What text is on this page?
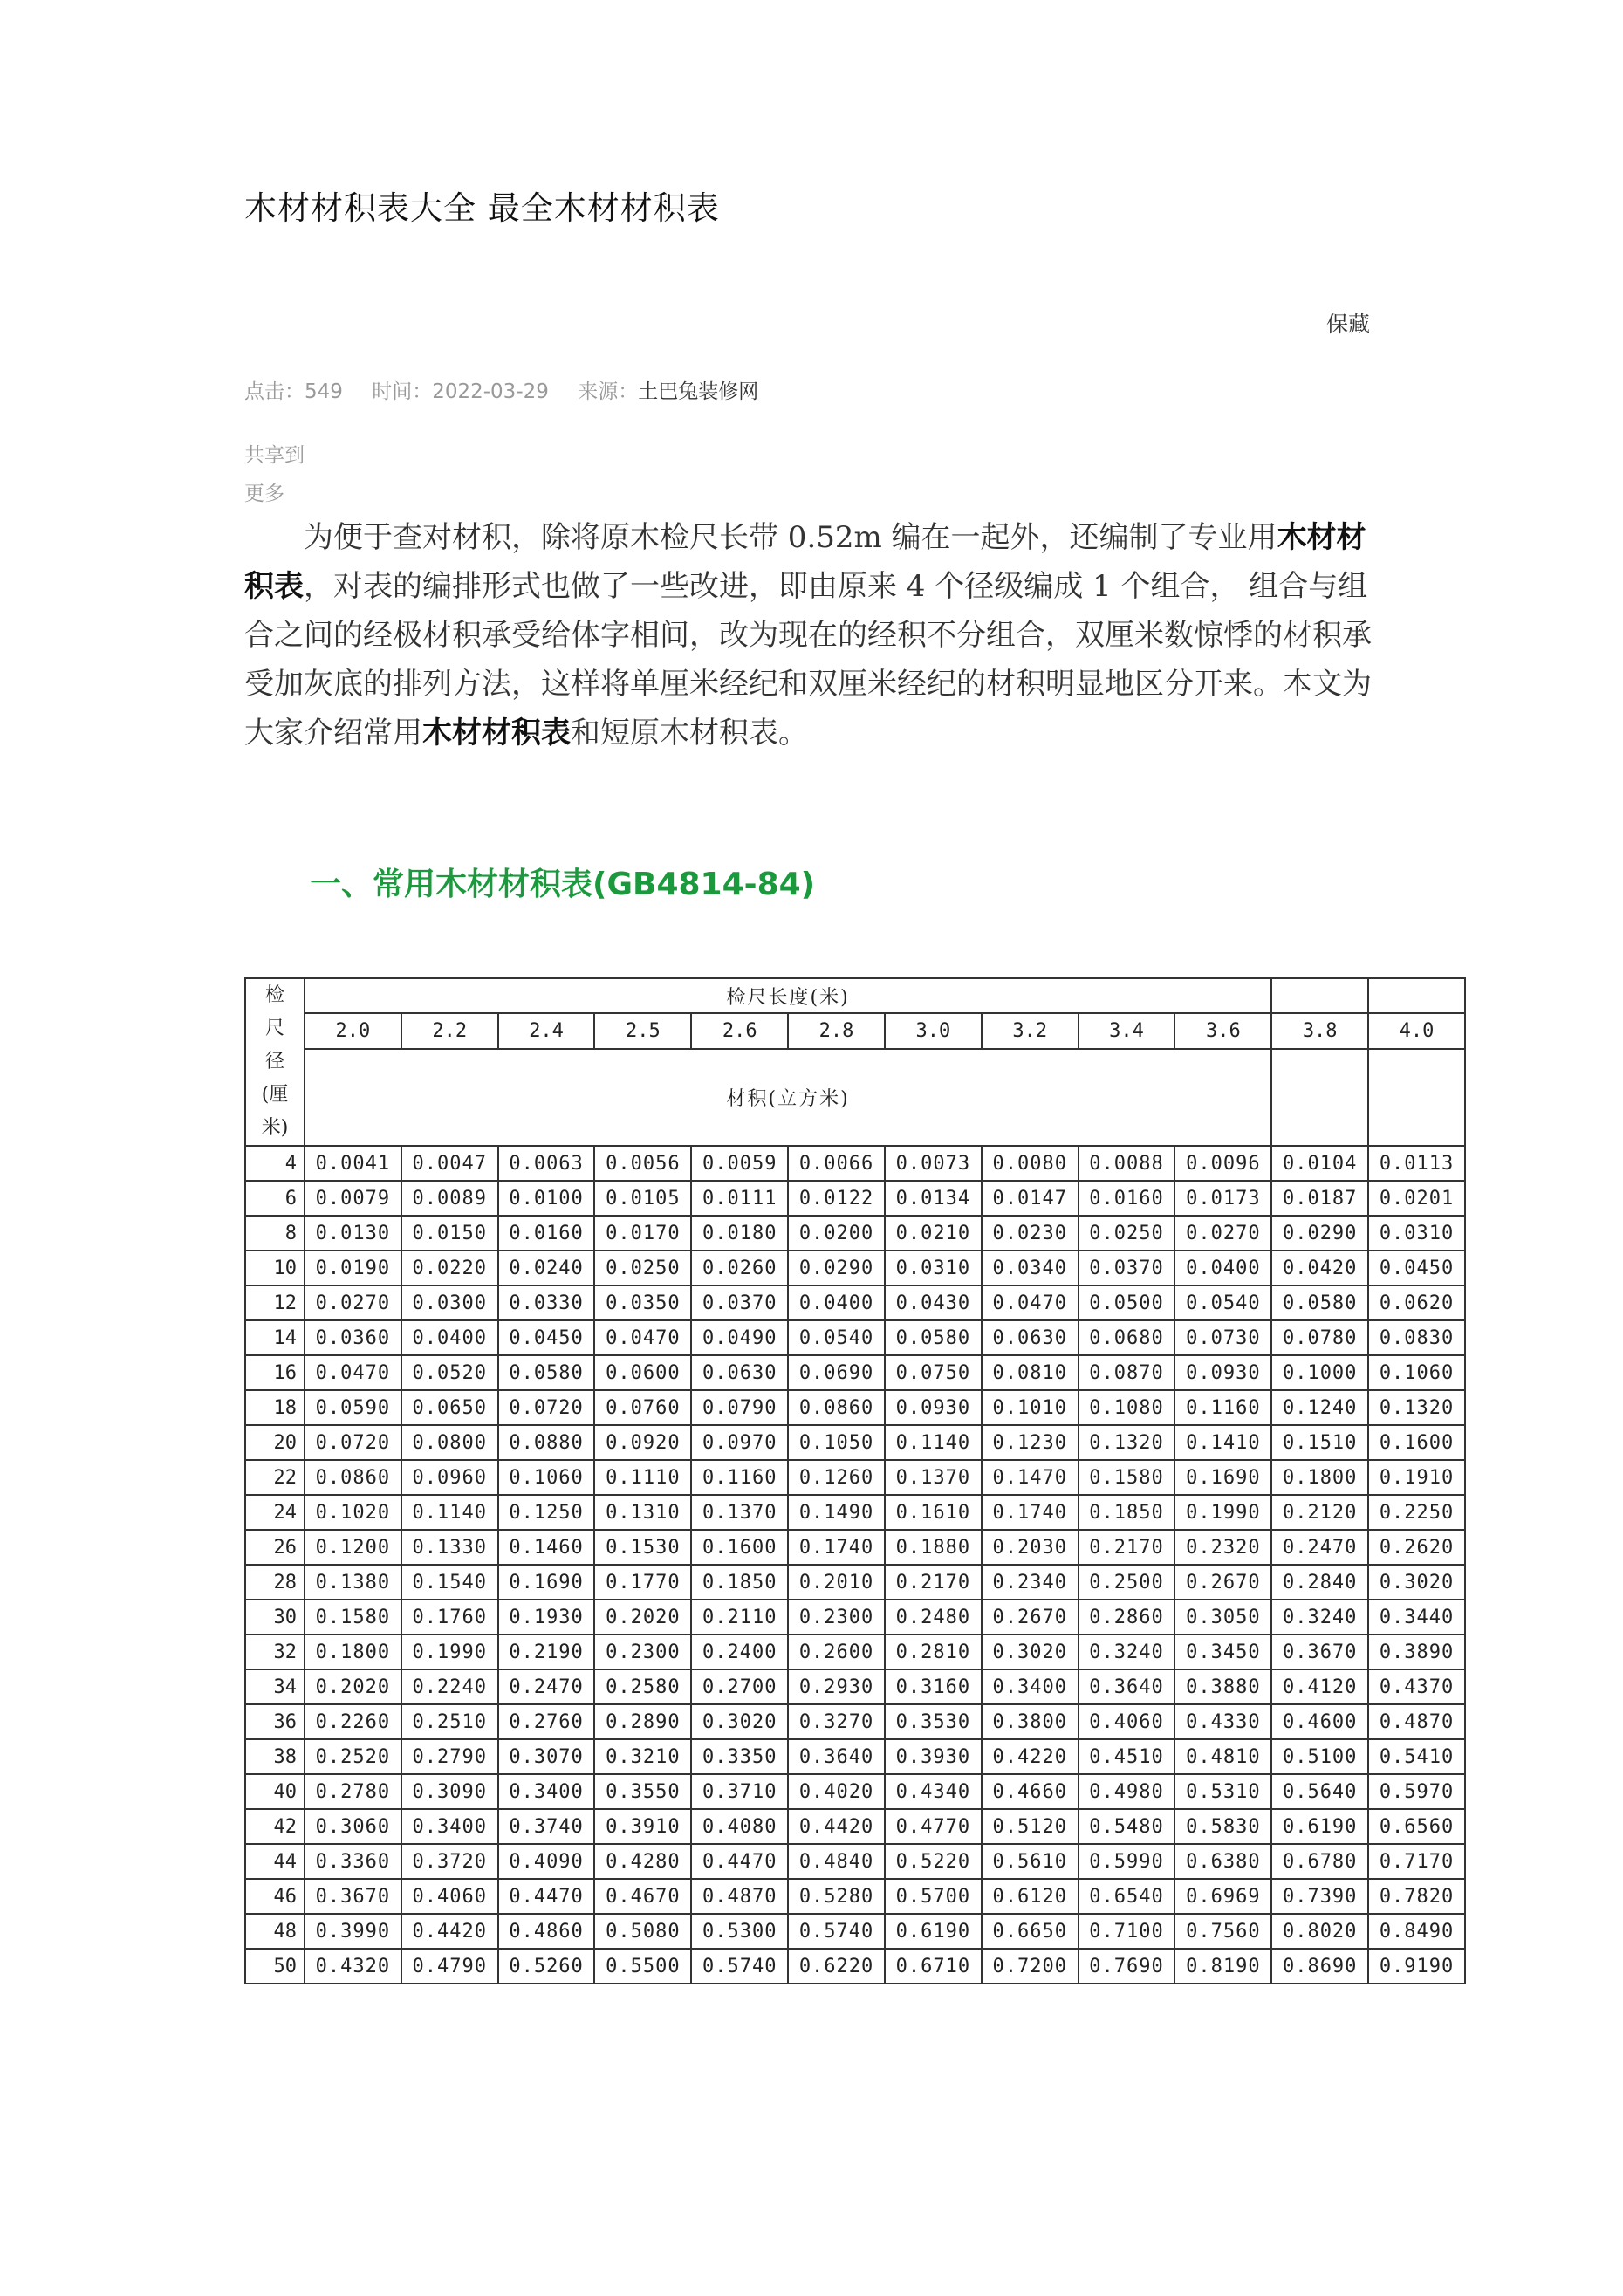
木材材积表大全 最全木材材积表
保藏
点击：549 时间：2022-03-29 来源：土巴兔装修网
共享到
更多

为便于查对材积，除将原木检尺长带 0.52m 编在一起外，还编制了专业用木材材积表，对表的编排形式也做了一些改进，即由原来 4 个径级编成 1 个组合， 组合与组合之间的经极材积承受给体字相间，改为现在的经积不分组合，双厘米数惊悸的材积承受加灰底的排列方法，这样将单厘米经纪和双厘米经纪的材积明显地区分开来。本文为大家介绍常用木材材积表和短原木材积表。

一、常用木材材积表(GB4814-84)
检
尺
径
(厘
米)	检尺长度(米)											
	2.0	2.2	2.4	2.5	2.6	2.8	3.0	3.2	3.4	3.6	3.8	4.0
	材积(立方米)											
4	0.0041	0.0047	0.0063	0.0056	0.0059	0.0066	0.0073	0.0080	0.0088	0.0096	0.0104	0.0113
6	0.0079	0.0089	0.0100	0.0105	0.0111	0.0122	0.0134	0.0147	0.0160	0.0173	0.0187	0.0201
8	0.0130	0.0150	0.0160	0.0170	0.0180	0.0200	0.0210	0.0230	0.0250	0.0270	0.0290	0.0310
10	0.0190	0.0220	0.0240	0.0250	0.0260	0.0290	0.0310	0.0340	0.0370	0.0400	0.0420	0.0450
12	0.0270	0.0300	0.0330	0.0350	0.0370	0.0400	0.0430	0.0470	0.0500	0.0540	0.0580	0.0620
14	0.0360	0.0400	0.0450	0.0470	0.0490	0.0540	0.0580	0.0630	0.0680	0.0730	0.0780	0.0830
16	0.0470	0.0520	0.0580	0.0600	0.0630	0.0690	0.0750	0.0810	0.0870	0.0930	0.1000	0.1060
18	0.0590	0.0650	0.0720	0.0760	0.0790	0.0860	0.0930	0.1010	0.1080	0.1160	0.1240	0.1320
20	0.0720	0.0800	0.0880	0.0920	0.0970	0.1050	0.1140	0.1230	0.1320	0.1410	0.1510	0.1600
22	0.0860	0.0960	0.1060	0.1110	0.1160	0.1260	0.1370	0.1470	0.1580	0.1690	0.1800	0.1910
24	0.1020	0.1140	0.1250	0.1310	0.1370	0.1490	0.1610	0.1740	0.1850	0.1990	0.2120	0.2250
26	0.1200	0.1330	0.1460	0.1530	0.1600	0.1740	0.1880	0.2030	0.2170	0.2320	0.2470	0.2620
28	0.1380	0.1540	0.1690	0.1770	0.1850	0.2010	0.2170	0.2340	0.2500	0.2670	0.2840	0.3020
30	0.1580	0.1760	0.1930	0.2020	0.2110	0.2300	0.2480	0.2670	0.2860	0.3050	0.3240	0.3440
32	0.1800	0.1990	0.2190	0.2300	0.2400	0.2600	0.2810	0.3020	0.3240	0.3450	0.3670	0.3890
34	0.2020	0.2240	0.2470	0.2580	0.2700	0.2930	0.3160	0.3400	0.3640	0.3880	0.4120	0.4370
36	0.2260	0.2510	0.2760	0.2890	0.3020	0.3270	0.3530	0.3800	0.4060	0.4330	0.4600	0.4870
38	0.2520	0.2790	0.3070	0.3210	0.3350	0.3640	0.3930	0.4220	0.4510	0.4810	0.5100	0.5410
40	0.2780	0.3090	0.3400	0.3550	0.3710	0.4020	0.4340	0.4660	0.4980	0.5310	0.5640	0.5970
42	0.3060	0.3400	0.3740	0.3910	0.4080	0.4420	0.4770	0.5120	0.5480	0.5830	0.6190	0.6560
44	0.3360	0.3720	0.4090	0.4280	0.4470	0.4840	0.5220	0.5610	0.5990	0.6380	0.6780	0.7170
46	0.3670	0.4060	0.4470	0.4670	0.4870	0.5280	0.5700	0.6120	0.6540	0.6969	0.7390	0.7820
48	0.3990	0.4420	0.4860	0.5080	0.5300	0.5740	0.6190	0.6650	0.7100	0.7560	0.8020	0.8490
50	0.4320	0.4790	0.5260	0.5500	0.5740	0.6220	0.6710	0.7200	0.7690	0.8190	0.8690	0.9190
